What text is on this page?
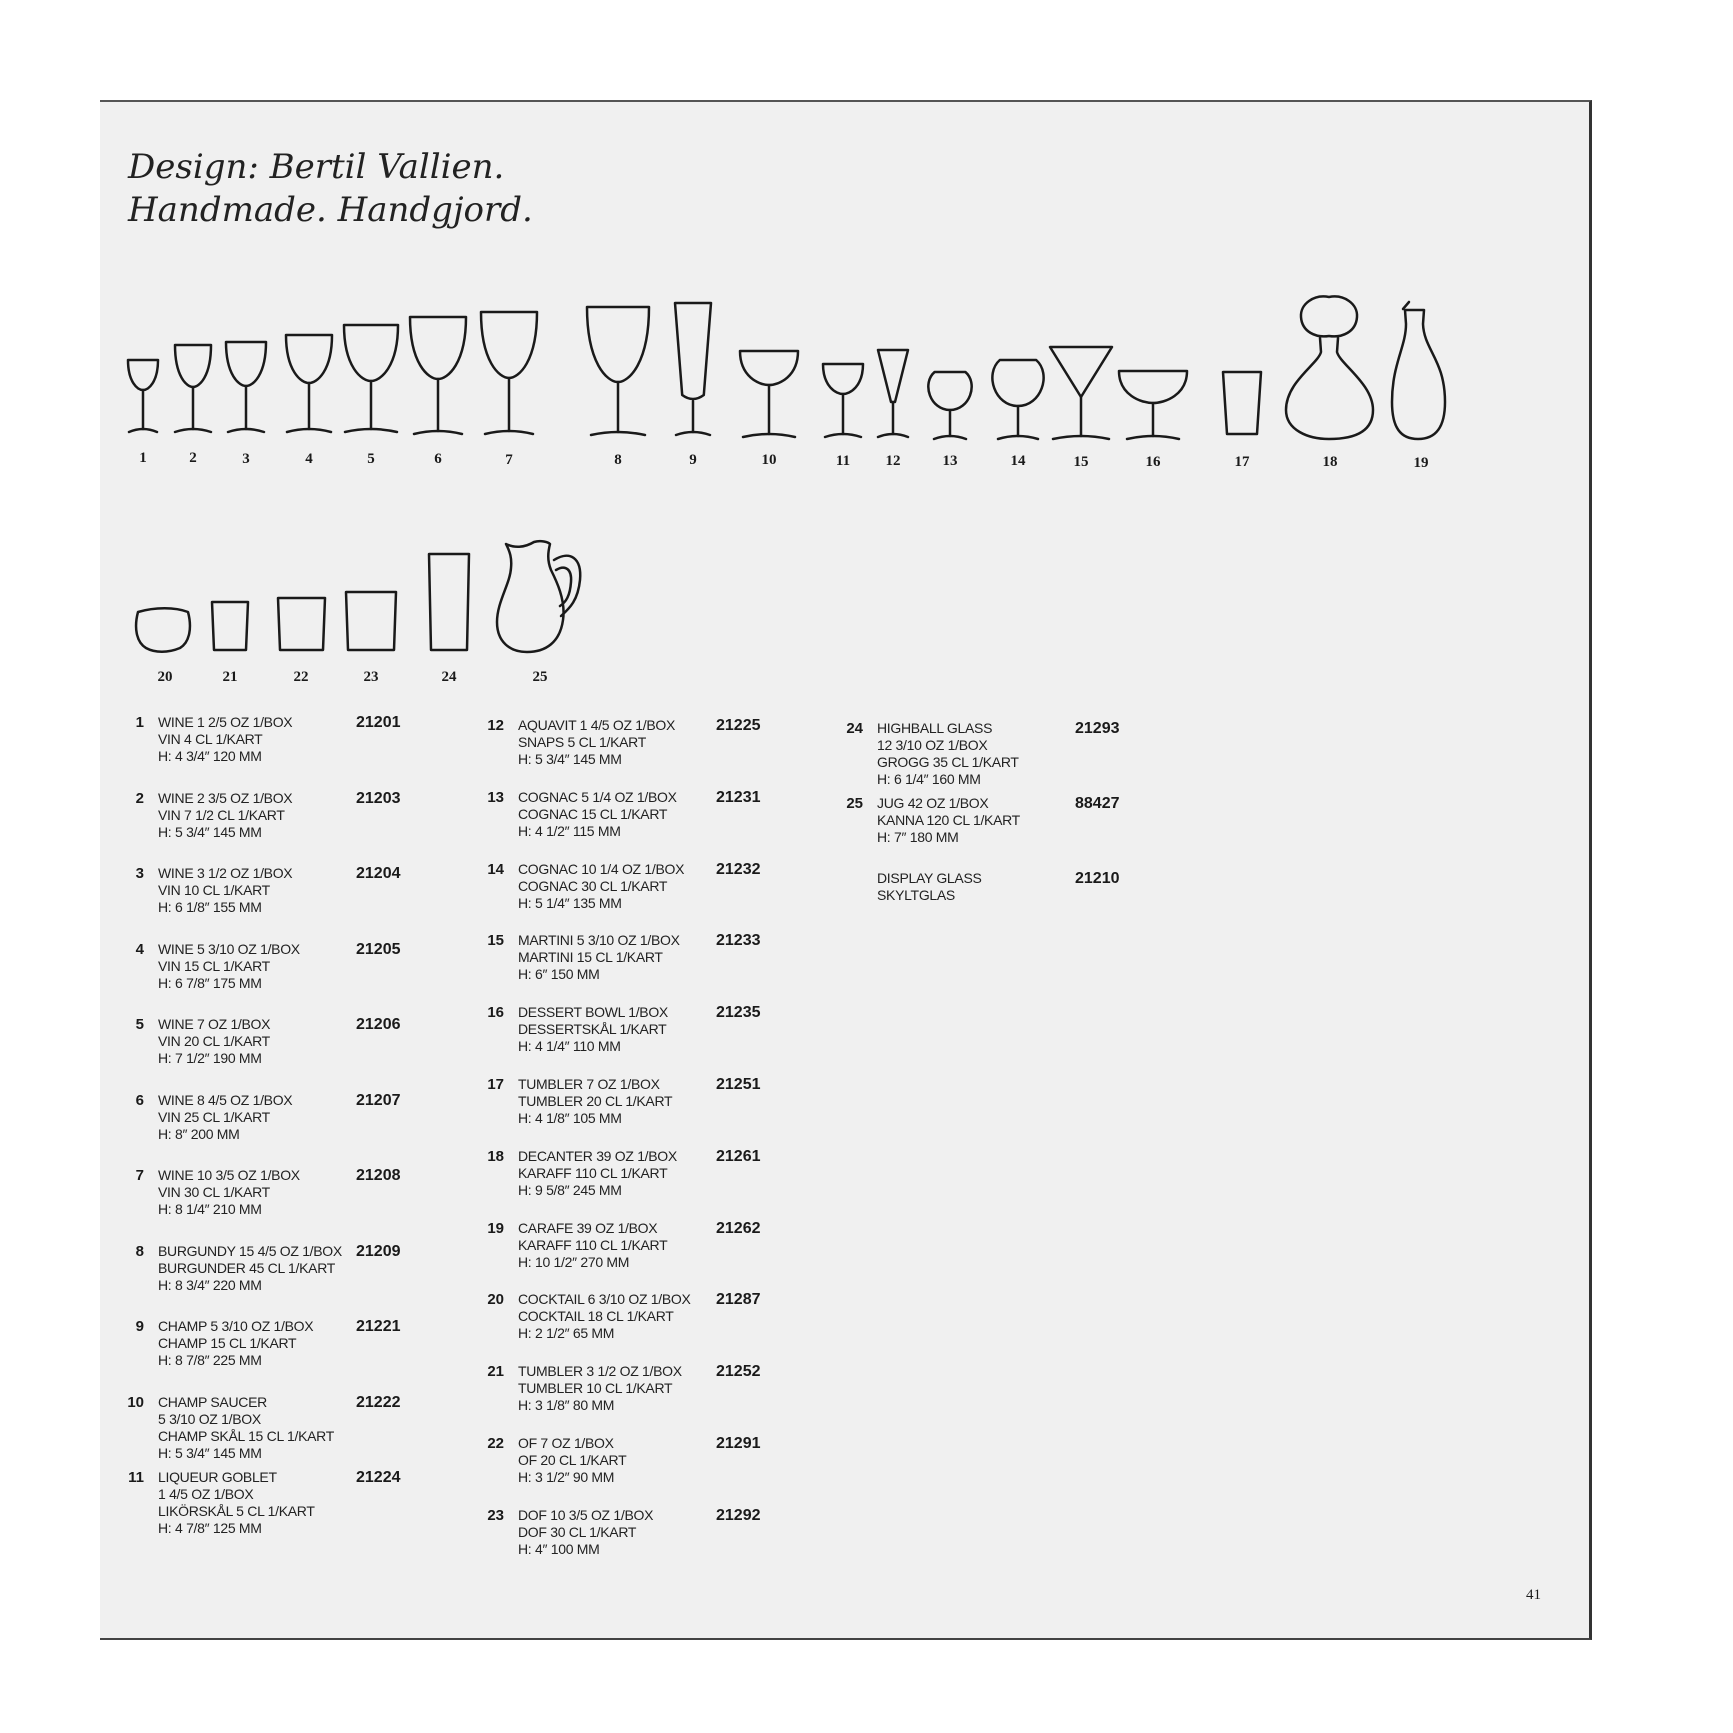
Design: Bertil Vallien.
Handmade. Handgjord.
1	2	3	4	5	6	7	8	9	10	11 12	13	14	15	16	17	18	19
20	21	22	23	24	25
1 WINE 1 2/5 OZ 1/BOX
VIN 4 CL 1/KART
H: 4 3/4″ 120 MM
21201
2 WINE 2 3/5 OZ 1/BOX
VIN 7 1/2 CL 1/KART
H: 5 3/4″ 145 MM
21203
3 WINE 3 1/2 OZ 1/BOX
VIN 10 CL 1/KART
H: 6 1/8″ 155 MM
21204
4 WINE 5 3/10 OZ 1/BOX
VIN 15 CL 1/KART
H: 6 7/8″ 175 MM
21205
5 WINE 7 OZ 1/BOX
VIN 20 CL 1/KART
H: 7 1/2″ 190 MM
21206
6 WINE 8 4/5 OZ 1/BOX
VIN 25 CL 1/KART
H: 8″ 200 MM
21207
7 WINE 10 3/5 OZ 1/BOX
VIN 30 CL 1/KART
H: 8 1/4″ 210 MM
21208
8 BURGUNDY 15 4/5 OZ 1/BOX
BURGUNDER 45 CL 1/KART
H: 8 3/4″ 220 MM
21209
9 CHAMP 5 3/10 OZ 1/BOX
CHAMP 15 CL 1/KART
H: 8 7/8″ 225 MM
21221
10 CHAMP SAUCER
5 3/10 OZ 1/BOX
CHAMP SKÅL 15 CL 1/KART
H: 5 3/4″ 145 MM
21222
11 LIQUEUR GOBLET
1 4/5 OZ 1/BOX
LIKÖRSKÅL 5 CL 1/KART
H: 4 7/8″ 125 MM
21224
12 AQUAVIT 1 4/5 OZ 1/BOX
SNAPS 5 CL 1/KART
H: 5 3/4″ 145 MM
21225
13 COGNAC 5 1/4 OZ 1/BOX
COGNAC 15 CL 1/KART
H: 4 1/2″ 115 MM
21231
14 COGNAC 10 1/4 OZ 1/BOX
COGNAC 30 CL 1/KART
H: 5 1/4″ 135 MM
21232
15 MARTINI 5 3/10 OZ 1/BOX
MARTINI 15 CL 1/KART
H: 6″ 150 MM
21233
16 DESSERT BOWL 1/BOX
DESSERTSKÅL 1/KART
H: 4 1/4″ 110 MM
21235
17 TUMBLER 7 OZ 1/BOX
TUMBLER 20 CL 1/KART
H: 4 1/8″ 105 MM
21251
18 DECANTER 39 OZ 1/BOX
KARAFF 110 CL 1/KART
H: 9 5/8″ 245 MM
21261
19 CARAFE 39 OZ 1/BOX
KARAFF 110 CL 1/KART
H: 10 1/2″ 270 MM
21262
20 COCKTAIL 6 3/10 OZ 1/BOX
COCKTAIL 18 CL 1/KART
H: 2 1/2″ 65 MM
21287
21 TUMBLER 3 1/2 OZ 1/BOX
TUMBLER 10 CL 1/KART
H: 3 1/8″ 80 MM
21252
22 OF 7 OZ 1/BOX
OF 20 CL 1/KART
H: 3 1/2″ 90 MM
21291
23 DOF 10 3/5 OZ 1/BOX
DOF 30 CL 1/KART
H: 4″ 100 MM
21292
24 HIGHBALL GLASS
12 3/10 OZ 1/BOX
GROGG 35 CL 1/KART
H: 6 1/4″ 160 MM
21293
25 JUG 42 OZ 1/BOX
KANNA 120 CL 1/KART
H: 7″ 180 MM
88427
DISPLAY GLASS
SKYLTGLAS
21210
41
